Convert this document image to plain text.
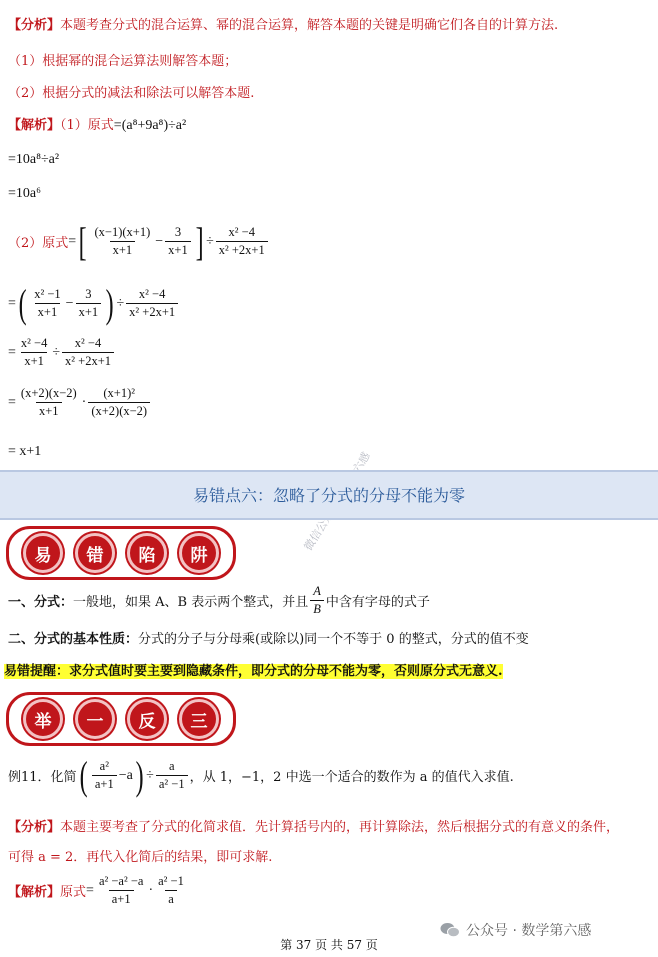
【分析】本题考查分式的混合运算、幂的混合运算，解答本题的关键是明确它们各自的计算方法.
（1）根据幂的混合运算法则解答本题；
（2）根据分式的减法和除法可以解答本题.
【解析】（1）原式=(a⁸+9a⁸)÷a²
=10a⁸÷a²
=10a⁶
（2）原式 = [ $\frac{(x-1)(x+1)}{x+1} - \frac{3}{x+1}$ ] ÷ $\frac{\text{x² −4}}{\text{x² +2x+1}}$
= ( $\frac{\text{x² −1}}{x+1} - \frac{3}{x+1}$ ) ÷ $\frac{\text{x² −4}}{\text{x² +2x+1}}$
= $\frac{\text{x² −4}}{x+1} \div \frac{\text{x² −4}}{\text{x² +2x+1}}$
= $\frac{(x+2)(x-2)}{x+1} \cdot \frac{\text{(x+1)²}}{(x+2)(x-2)}$
= x+1
易错点六：忽略了分式的分母不能为零
易	错	陷	阱
一、分式： 一般地，如果 A、B 表示两个整式，并且 $\frac{A}{B}$ 中含有字母的式子
二、分式的基本性质：分式的分子与分母乘(或除以)同一个不等于 0 的整式，分式的值不变
易错提醒：求分式值时要主要到隐藏条件，即分式的分母不能为零，否则原分式无意义.
举	一	反	三
例11．化简 ( $\frac{\text{a²}}{a+1} -a$ ) ÷ $\frac{a}{\text{a² −1}}$ ，从 1，−1，2 中选一个适合的数作为 a 的值代入求值.
【分析】本题主要考查了分式的化简求值．先计算括号内的，再计算除法，然后根据分式的有意义的条件，
可得 a = 2．再代入化简后的结果，即可求解.
【解析】 原式 = $\frac{\text{a² −a² −a}}{a+1} \cdot \frac{\text{a² −1}}{a}$
第 37 页 共 57 页
公众号 · 数学第六感
